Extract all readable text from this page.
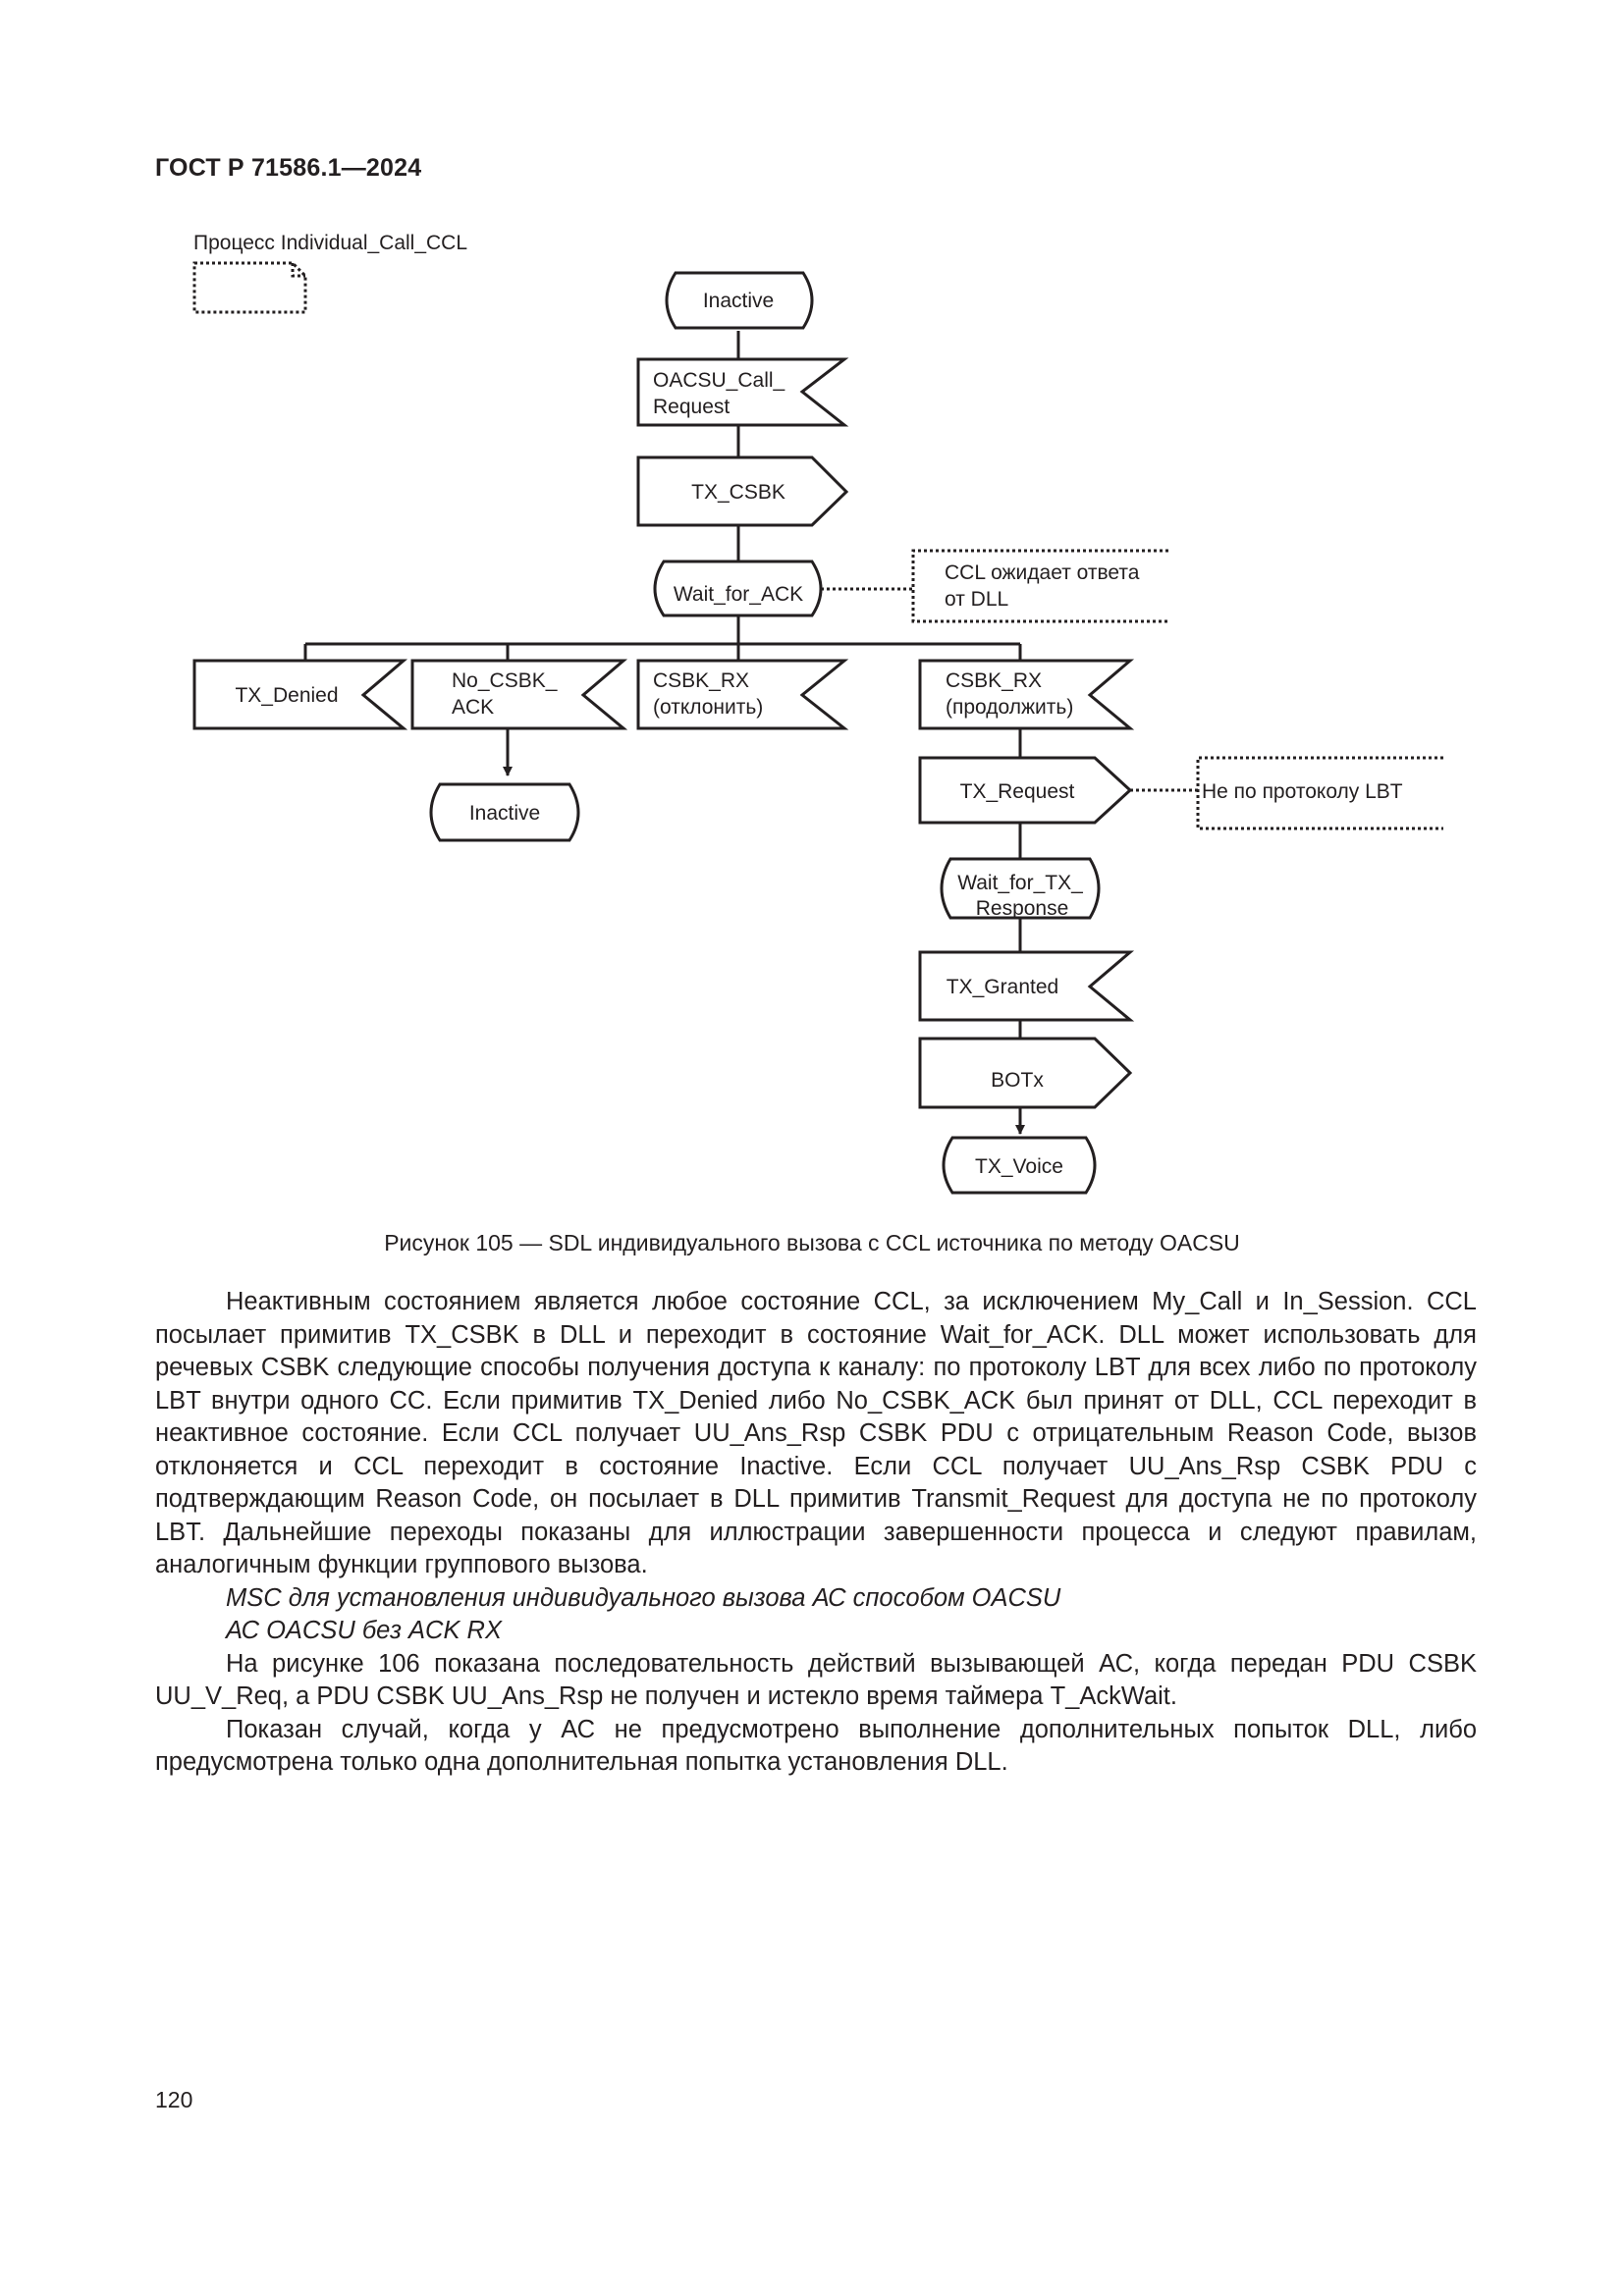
ГОСТ Р 71586.1—2024
Процесс Individual_Call_CCL
Inactive
OACSU_Call_
Request
TX_CSBK
Wait_for_ACK
CCL ожидает ответа
от DLL
TX_Denied
No_CSBK_
ACK
CSBK_RX
(отклонить)
CSBK_RX
(продолжить)
Inactive
TX_Request	Не по протоколу LBT
Wait_for_TX_
Response
TX_Granted
BOTx
TX_Voice
Рисунок 105 — SDL индивидуального вызова с CCL источника по методу OACSU

Неактивным состоянием является любое состояние CCL, за исключением My_Call и In_Session. CCL посылает примитив TX_CSBK в DLL и переходит в состояние Wait_for_ACK. DLL может использовать для речевых CSBK следующие способы получения доступа к каналу: по протоколу LBT для всех либо по протоколу LBT внутри одного CC. Если примитив TX_Denied либо No_CSBK_ACK был принят от DLL, CCL переходит в неактивное состояние. Если CCL получает UU_Ans_Rsp CSBK PDU с отрицательным Reason Code, вызов отклоняется и CCL переходит в состояние Inactive. Если CCL получает UU_Ans_Rsp CSBK PDU с подтверждающим Reason Code, он посылает в DLL примитив Transmit_Request для доступа не по протоколу LBT. Дальнейшие переходы показаны для иллюстрации завершенности процесса и следуют правилам, аналогичным функции группового вызова.

MSC для установления индивидуального вызова АС способом OACSU

АС OACSU без ACK RX

На рисунке 106 показана последовательность действий вызывающей АС, когда передан PDU CSBK UU_V_Req, а PDU CSBK UU_Ans_Rsp не получен и истекло время таймера T_AckWait.

Показан случай, когда у АС не предусмотрено выполнение дополнительных попыток DLL, либо предусмотрена только одна дополнительная попытка установления DLL.

120
